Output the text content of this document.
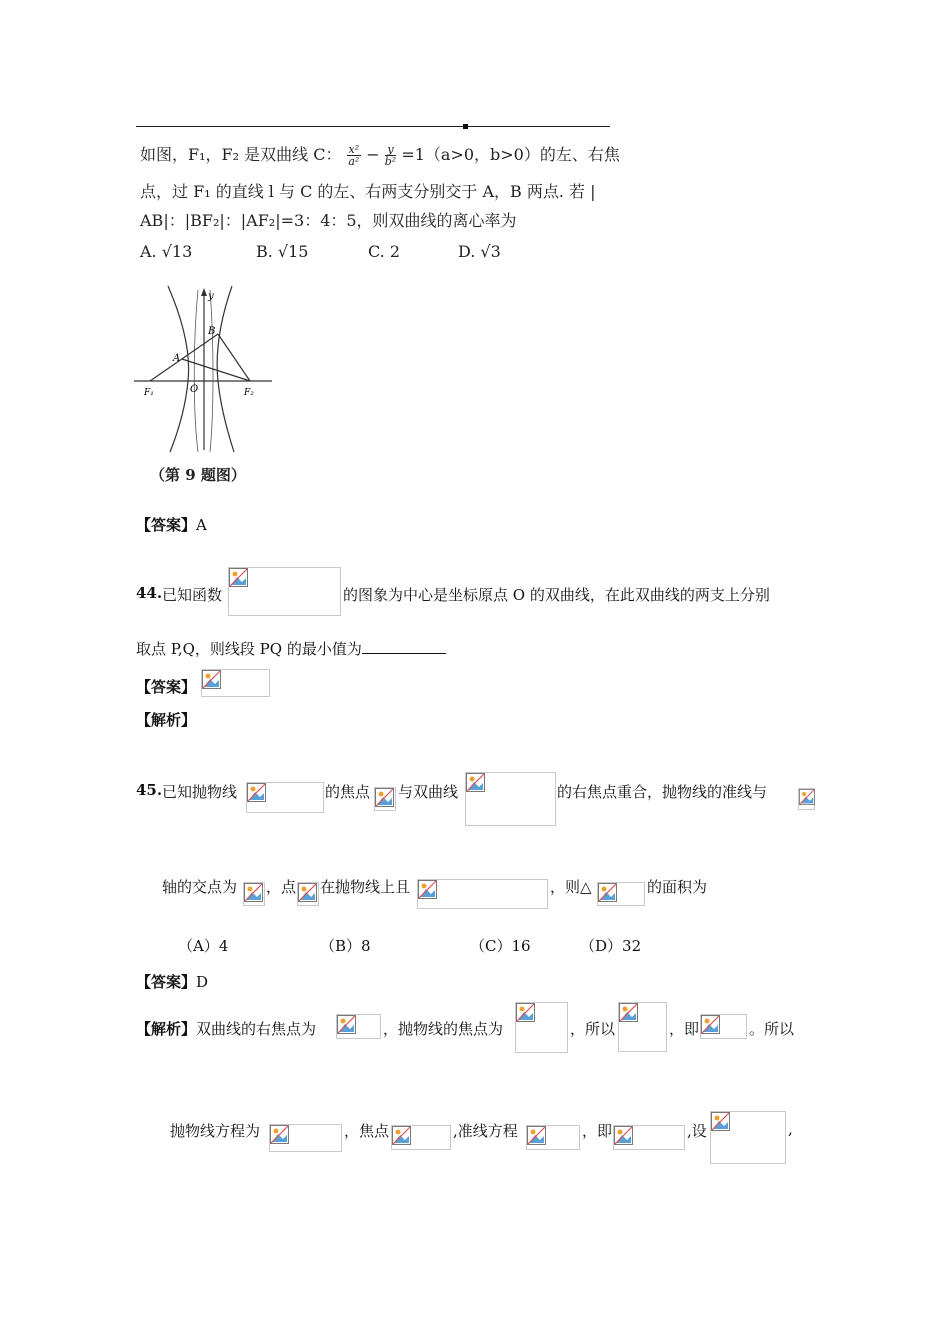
如图，F₁，F₂ 是双曲线 C： $\frac{\text{x²}}{\text{a²}} - \frac{y}{\text{b²}} =1(a>0$，b>0）的左、右焦
点，过 F₁ 的直线 l 与 C 的左、右两支分别交于 A，B 两点. 若 |
AB|：|BF₂|：|AF₂|=3：4：5，则双曲线的离心率为
A. √13	B. √15	C. 2	D. √3
y
B
A
F₁	O	F₂
（第 9 题图）
【答案】A
44. 已知函数	的图象为中心是坐标原点 O 的双曲线，在此双曲线的两支上分别
取点 P,Q，则线段 PQ 的最小值为
【答案】
【解析】
45. 已知抛物线	的焦点 与双曲线	的右焦点重合，抛物线的准线与
轴的交点为 ，点 在抛物线上且	，则△	的面积为
（A）4	（B）8	（C）16	（D）32
【答案】D
【解析】双曲线的右焦点为	，抛物线的焦点为	，所以	，即	。所以
抛物线方程为	，焦点	,准线方程	，即	,设	,
